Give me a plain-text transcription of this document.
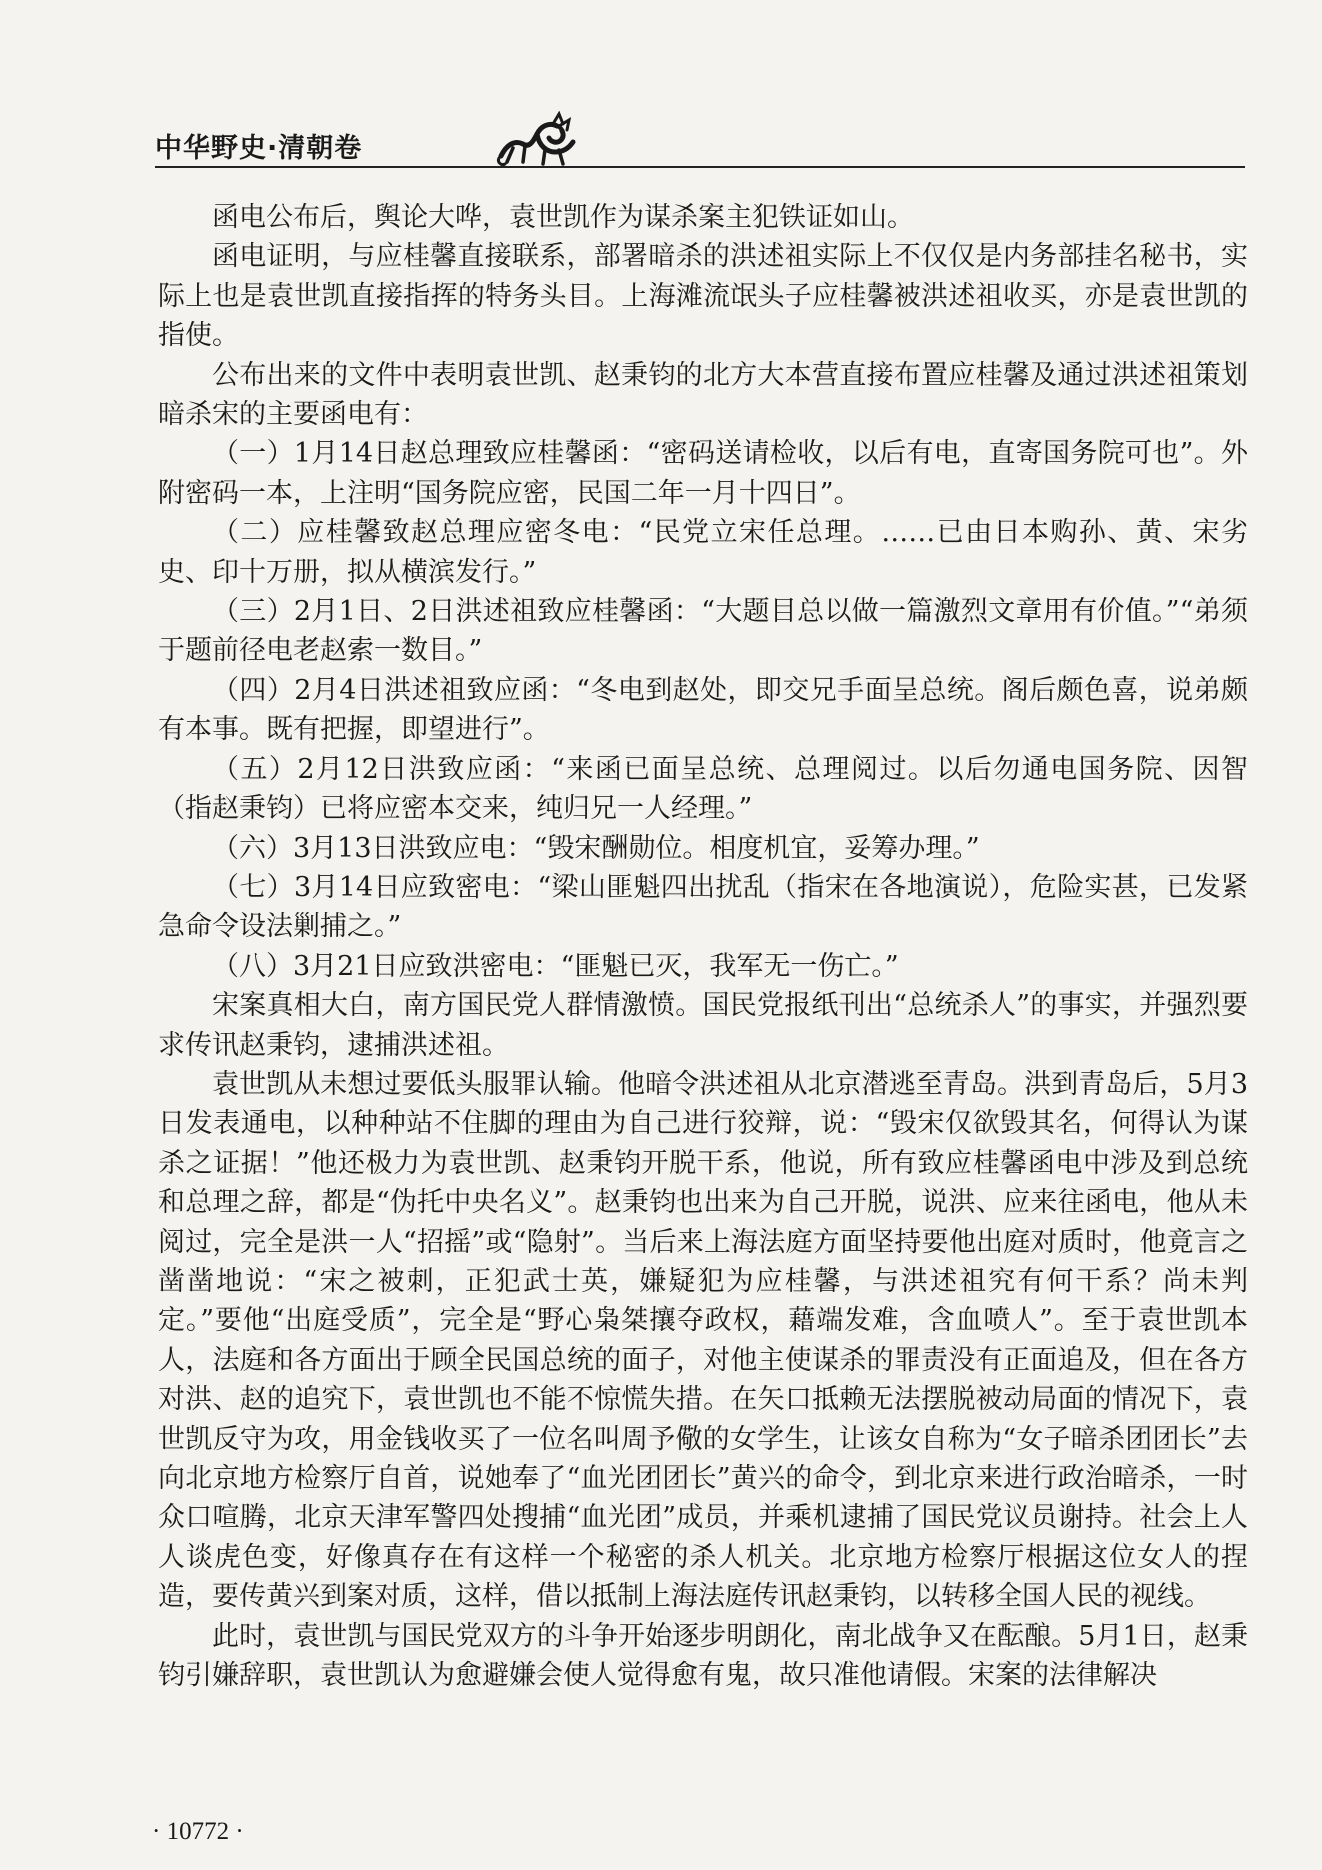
中华野史·清朝卷

函电公布后，舆论大哗，袁世凯作为谋杀案主犯铁证如山。

函电证明，与应桂馨直接联系，部署暗杀的洪述祖实际上不仅仅是内务部挂名秘书，实际上也是袁世凯直接指挥的特务头目。上海滩流氓头子应桂馨被洪述祖收买，亦是袁世凯的指使。

公布出来的文件中表明袁世凯、赵秉钧的北方大本营直接布置应桂馨及通过洪述祖策划暗杀宋的主要函电有：

（一）1月14日赵总理致应桂馨函：“密码送请检收，以后有电，直寄国务院可也”。外附密码一本，上注明“国务院应密，民国二年一月十四日”。

（二）应桂馨致赵总理应密冬电：“民党立宋任总理。……已由日本购孙、黄、宋劣史、印十万册，拟从横滨发行。”

（三）2月1日、2日洪述祖致应桂馨函：“大题目总以做一篇激烈文章用有价值。”“弟须于题前径电老赵索一数目。”

（四）2月4日洪述祖致应函：“冬电到赵处，即交兄手面呈总统。阁后颇色喜，说弟颇有本事。既有把握，即望进行”。

（五）2月12日洪致应函：“来函已面呈总统、总理阅过。以后勿通电国务院、因智（指赵秉钧）已将应密本交来，纯归兄一人经理。”

（六）3月13日洪致应电：“毁宋酬勋位。相度机宜，妥筹办理。”

（七）3月14日应致密电：“梁山匪魁四出扰乱（指宋在各地演说），危险实甚，已发紧急命令设法剿捕之。”

（八）3月21日应致洪密电：“匪魁已灭，我军无一伤亡。”

宋案真相大白，南方国民党人群情激愤。国民党报纸刊出“总统杀人”的事实，并强烈要求传讯赵秉钧，逮捕洪述祖。

袁世凯从未想过要低头服罪认输。他暗令洪述祖从北京潜逃至青岛。洪到青岛后，5月3日发表通电，以种种站不住脚的理由为自己进行狡辩，说：“毁宋仅欲毁其名，何得认为谋杀之证据！”他还极力为袁世凯、赵秉钧开脱干系，他说，所有致应桂馨函电中涉及到总统和总理之辞，都是“伪托中央名义”。赵秉钧也出来为自己开脱，说洪、应来往函电，他从未阅过，完全是洪一人“招摇”或“隐射”。当后来上海法庭方面坚持要他出庭对质时，他竟言之凿凿地说：“宋之被刺，正犯武士英，嫌疑犯为应桂馨，与洪述祖究有何干系？尚未判定。”要他“出庭受质”，完全是“野心枭桀攘夺政权，藉端发难，含血喷人”。至于袁世凯本人，法庭和各方面出于顾全民国总统的面子，对他主使谋杀的罪责没有正面追及，但在各方对洪、赵的追究下，袁世凯也不能不惊慌失措。在矢口抵赖无法摆脱被动局面的情况下，袁世凯反守为攻，用金钱收买了一位名叫周予儆的女学生，让该女自称为“女子暗杀团团长”去向北京地方检察厅自首，说她奉了“血光团团长”黄兴的命令，到北京来进行政治暗杀，一时众口喧腾，北京天津军警四处搜捕“血光团”成员，并乘机逮捕了国民党议员谢持。社会上人人谈虎色变，好像真存在有这样一个秘密的杀人机关。北京地方检察厅根据这位女人的捏造，要传黄兴到案对质，这样，借以抵制上海法庭传讯赵秉钧，以转移全国人民的视线。

此时，袁世凯与国民党双方的斗争开始逐步明朗化，南北战争又在酝酿。5月1日，赵秉钧引嫌辞职，袁世凯认为愈避嫌会使人觉得愈有鬼，故只准他请假。宋案的法律解决

· 10772 ·
